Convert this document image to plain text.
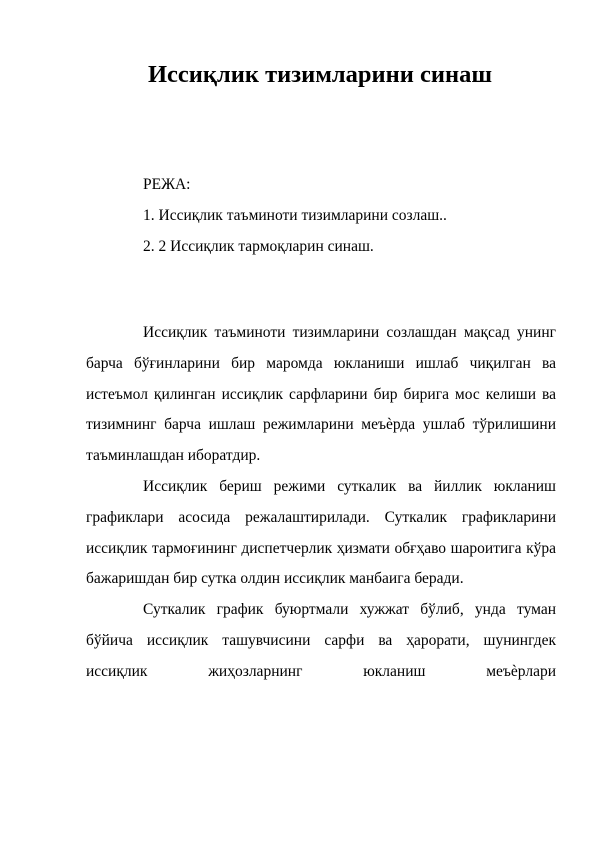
Иссиқлик тизимларини синаш
РЕЖА:
1. Иссиқлик таъминоти тизимларини созлаш..
2. 2 Иссиқлик тармоқларин синаш.

Иссиқлик таъминоти тизимларини созлашдан мақсад унинг барча бўғинларини бир маромда юкланиши ишлаб чиқилган ва истеъмол қилинган иссиқлик сарфларини бир бирига мос келиши ва тизимнинг барча ишлаш режимларини меъѐрда ушлаб тўрилишини таъминлашдан иборатдир.

Иссиқлик бериш режими суткалик ва йиллик юкланиш графиклари асосида режалаштирилади. Суткалик графикларини иссиқлик тармоғининг диспетчерлик ҳизмати обғҳаво шароитига кўра бажаришдан бир сутка олдин иссиқлик манбаига беради.

Суткалик график буюртмали хужжат бўлиб, унда туман бўйича иссиқлик ташувчисини сарфи ва ҳарорати, шунингдек иссиқлик жиҳозларнинг юкланиш меъѐрлари
